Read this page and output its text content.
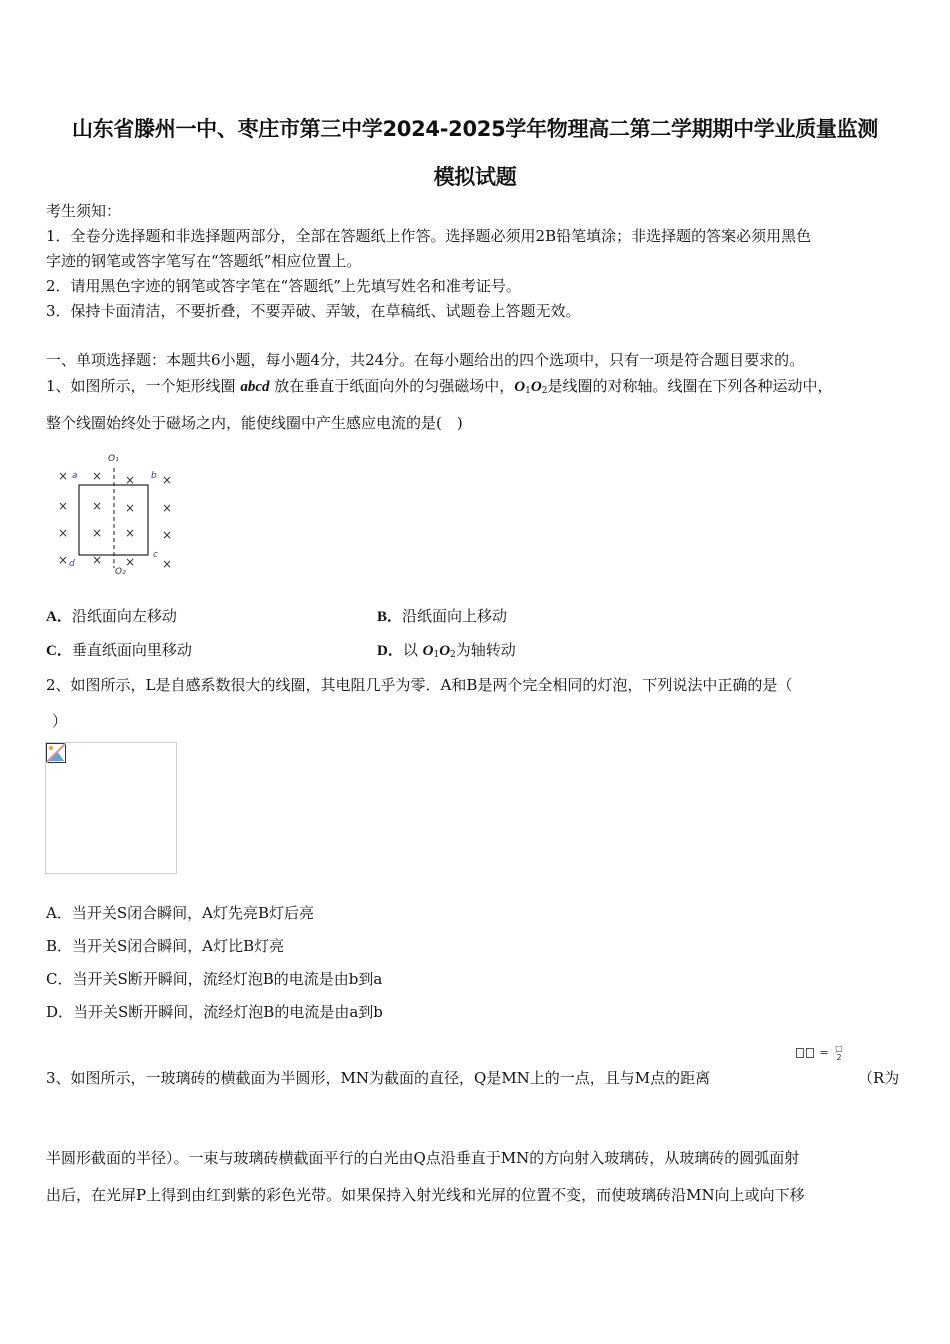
山东省滕州一中、枣庄市第三中学2024-2025学年物理高二第二学期期中学业质量监测
模拟试题
考生须知：
1．全卷分选择题和非选择题两部分，全部在答题纸上作答。选择题必须用2B铅笔填涂；非选择题的答案必须用黑色
字迹的钢笔或答字笔写在“答题纸”相应位置上。
2．请用黑色字迹的钢笔或答字笔在“答题纸”上先填写姓名和准考证号。
3．保持卡面清洁，不要折叠，不要弄破、弄皱，在草稿纸、试题卷上答题无效。
一、单项选择题：本题共6小题，每小题4分，共24分。在每小题给出的四个选项中，只有一项是符合题目要求的。
1、如图所示，一个矩形线圈 abcd 放在垂直于纸面向外的匀强磁场中，$O_1O_2$是线圈的对称轴。线圈在下列各种运动中，
整个线圈始终处于磁场之内，能使线圈中产生感应电流的是(　)
× × × ×
× × × ×
× × × ×
× × × ×
O₁
O₂
a	b
c
d
A．沿纸面向左移动	B．沿纸面向上移动
C．垂直纸面向里移动	D．以 $O_1O_2$为轴转动
2、如图所示，L是自感系数很大的线圈，其电阻几乎为零．A和B是两个完全相同的灯泡，下列说法中正确的是（
）
A．当开关S闭合瞬间，A灯先亮B灯后亮
B．当开关S闭合瞬间，A灯比B灯亮
C．当开关S断开瞬间，流经灯泡B的电流是由b到a
D．当开关S断开瞬间，流经灯泡B的电流是由a到b
3、如图所示，一玻璃砖的横截面为半圆形，MN为截面的直径，Q是MN上的一点，且与M点的距离
= □
2
（R为
半圆形截面的半径）。一束与玻璃砖横截面平行的白光由Q点沿垂直于MN的方向射入玻璃砖，从玻璃砖的圆弧面射
出后，在光屏P上得到由红到紫的彩色光带。如果保持入射光线和光屏的位置不变，而使玻璃砖沿MN向上或向下移
